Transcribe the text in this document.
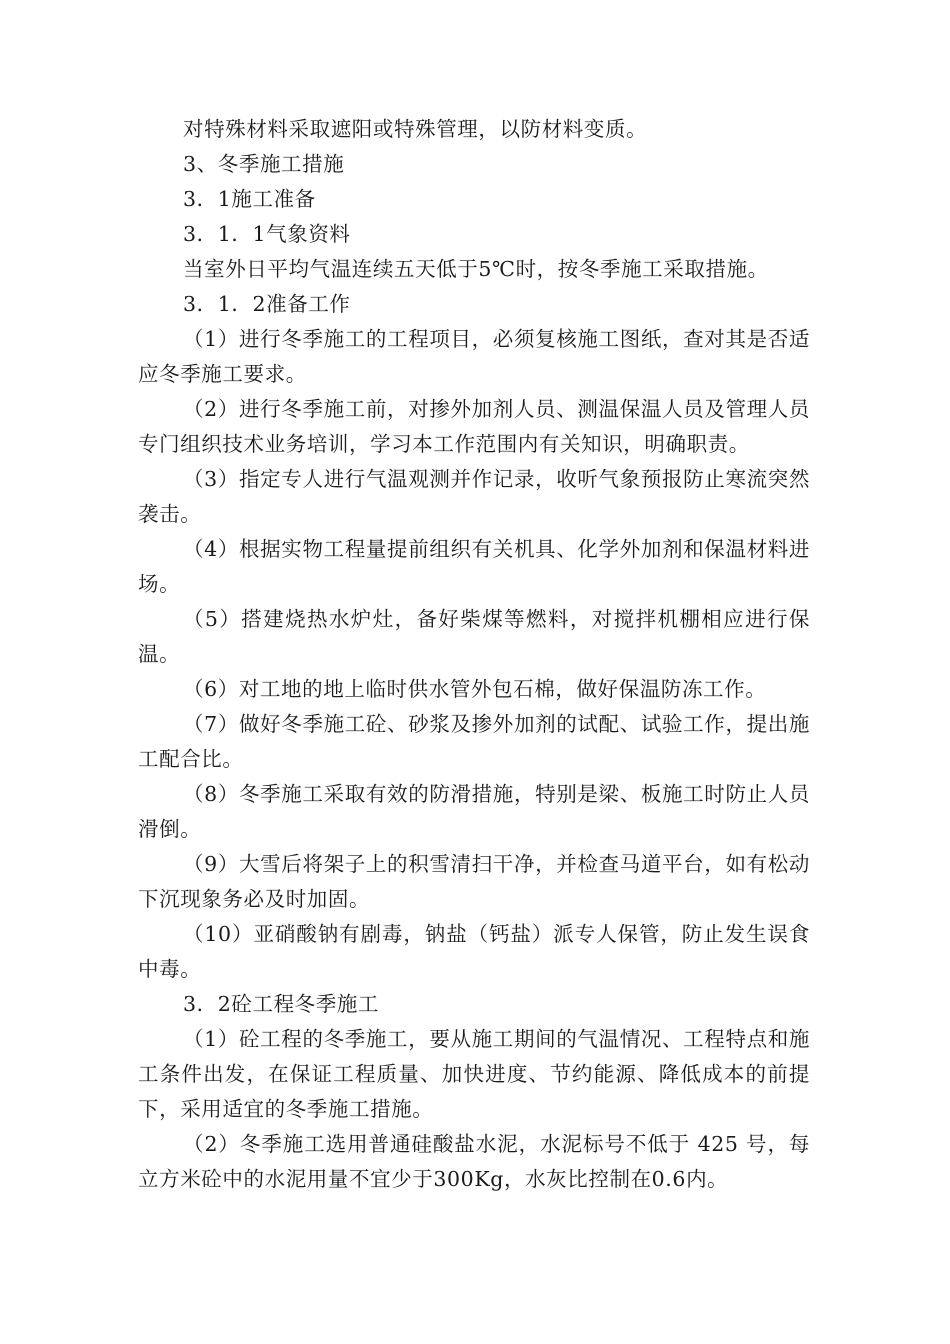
对特殊材料采取遮阳或特殊管理，以防材料变质。

3、冬季施工措施

3．1施工准备

3．1．1气象资料

当室外日平均气温连续五天低于5℃时，按冬季施工采取措施。

3．1．2准备工作

（1）进行冬季施工的工程项目，必须复核施工图纸，查对其是否适应冬季施工要求。

（2）进行冬季施工前，对掺外加剂人员、测温保温人员及管理人员专门组织技术业务培训，学习本工作范围内有关知识，明确职责。

（3）指定专人进行气温观测并作记录，收听气象预报防止寒流突然袭击。

（4）根据实物工程量提前组织有关机具、化学外加剂和保温材料进场。

（5）搭建烧热水炉灶，备好柴煤等燃料，对搅拌机棚相应进行保温。

（6）对工地的地上临时供水管外包石棉，做好保温防冻工作。

（7）做好冬季施工砼、砂浆及掺外加剂的试配、试验工作，提出施工配合比。

（8）冬季施工采取有效的防滑措施，特别是梁、板施工时防止人员滑倒。

（9）大雪后将架子上的积雪清扫干净，并检查马道平台，如有松动下沉现象务必及时加固。

（10）亚硝酸钠有剧毒，钠盐（钙盐）派专人保管，防止发生误食中毒。

3．2砼工程冬季施工

（1）砼工程的冬季施工，要从施工期间的气温情况、工程特点和施工条件出发，在保证工程质量、加快进度、节约能源、降低成本的前提下，采用适宜的冬季施工措施。

（2）冬季施工选用普通硅酸盐水泥，水泥标号不低于 425 号，每立方米砼中的水泥用量不宜少于300Kg，水灰比控制在0.6内。
